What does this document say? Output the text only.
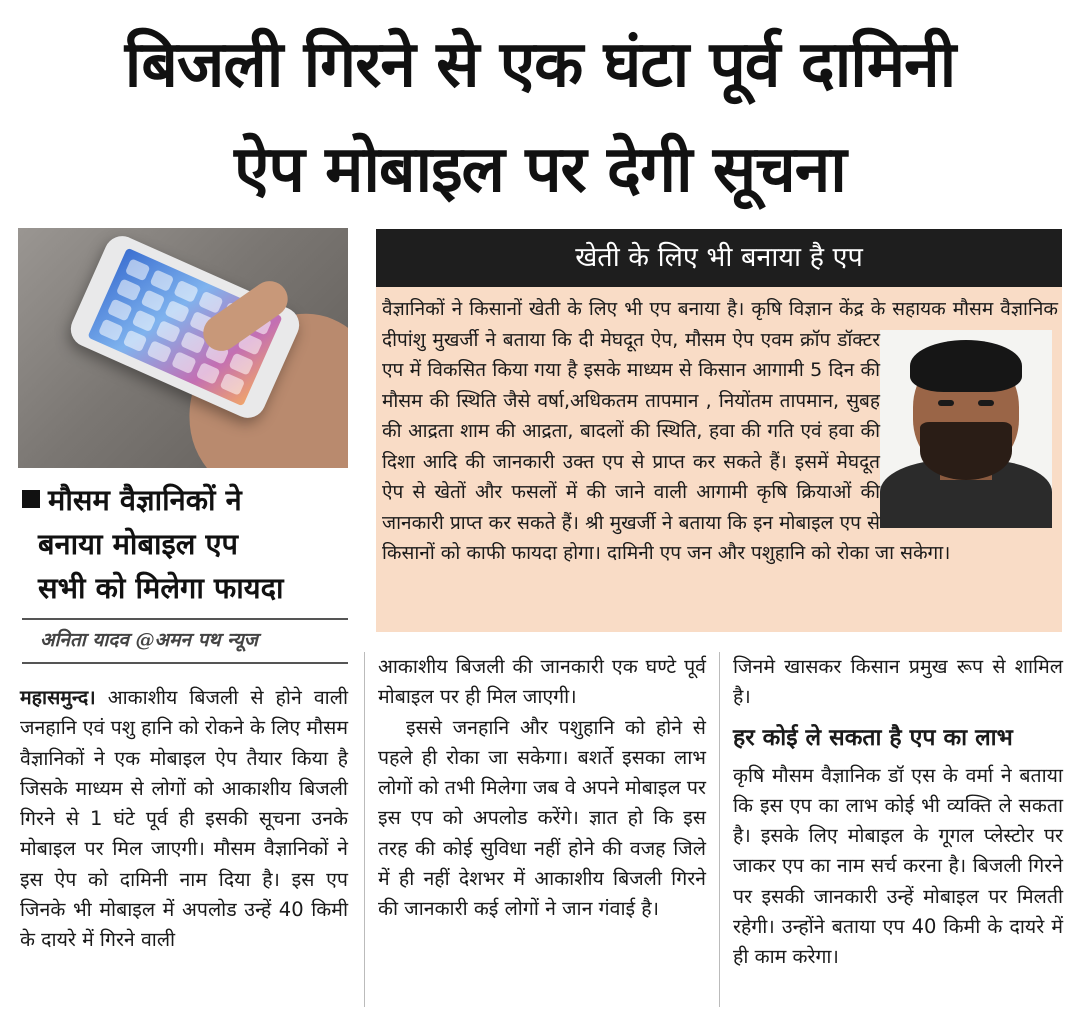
बिजली गिरने से एक घंटा पूर्व दामिनी
ऐप मोबाइल पर देगी सूचना
मौसम वैज्ञानिकों ने
बनाया मोबाइल एप
सभी को मिलेगा फायदा
अनिता यादव @अमन पथ न्यूज
खेती के लिए भी बनाया है एप
वैज्ञानिकों ने किसानों खेती के लिए भी एप बनाया है। कृषि विज्ञान केंद्र के सहायक मौसम वैज्ञानिक दीपांशु मुखर्जी ने बताया कि दी मेघदूत ऐप, मौसम ऐप एवम क्रॉप डॉक्टर एप में विकसित किया गया है इसके माध्यम से किसान आगामी 5 दिन की मौसम की स्थिति जैसे वर्षा,अधिकतम तापमान , नियोंतम तापमान, सुबह की आद्रता शाम की आद्रता, बादलों की स्थिति, हवा की गति एवं हवा की दिशा आदि की जानकारी उक्त एप से प्राप्त कर सकते हैं। इसमें मेघदूत ऐप से खेतों और फसलों में की जाने वाली आगामी कृषि क्रियाओं की जानकारी प्राप्त कर सकते हैं। श्री मुखर्जी ने बताया कि इन मोबाइल एप से किसानों को काफी फायदा होगा। दामिनी एप जन और पशुहानि को रोका जा सकेगा।

महासमुन्द। आकाशीय बिजली से होने वाली जनहानि एवं पशु हानि को रोकने के लिए मौसम वैज्ञानिकों ने एक मोबाइल ऐप तैयार किया है जिसके माध्यम से लोगों को आकाशीय बिजली गिरने से 1 घंटे पूर्व ही इसकी सूचना उनके मोबाइल पर मिल जाएगी। मौसम वैज्ञानिकों ने इस ऐप को दामिनी नाम दिया है। इस एप जिनके भी मोबाइल में अपलोड उन्हें 40 किमी के दायरे में गिरने वाली

आकाशीय बिजली की जानकारी एक घण्टे पूर्व मोबाइल पर ही मिल जाएगी।

इससे जनहानि और पशुहानि को होने से पहले ही रोका जा सकेगा। बशर्ते इसका लाभ लोगों को तभी मिलेगा जब वे अपने मोबाइल पर इस एप को अपलोड करेंगे। ज्ञात हो कि इस तरह की कोई सुविधा नहीं होने की वजह जिले में ही नहीं देशभर में आकाशीय बिजली गिरने की जानकारी कई लोगों ने जान गंवाई है।

जिनमे खासकर किसान प्रमुख रूप से शामिल है।

हर कोई ले सकता है एप का लाभ

कृषि मौसम वैज्ञानिक डॉ एस के वर्मा ने बताया कि इस एप का लाभ कोई भी व्यक्ति ले सकता है। इसके लिए मोबाइल के गूगल प्लेस्टोर पर जाकर एप का नाम सर्च करना है। बिजली गिरने पर इसकी जानकारी उन्हें मोबाइल पर मिलती रहेगी। उन्होंने बताया एप 40 किमी के दायरे में ही काम करेगा।
